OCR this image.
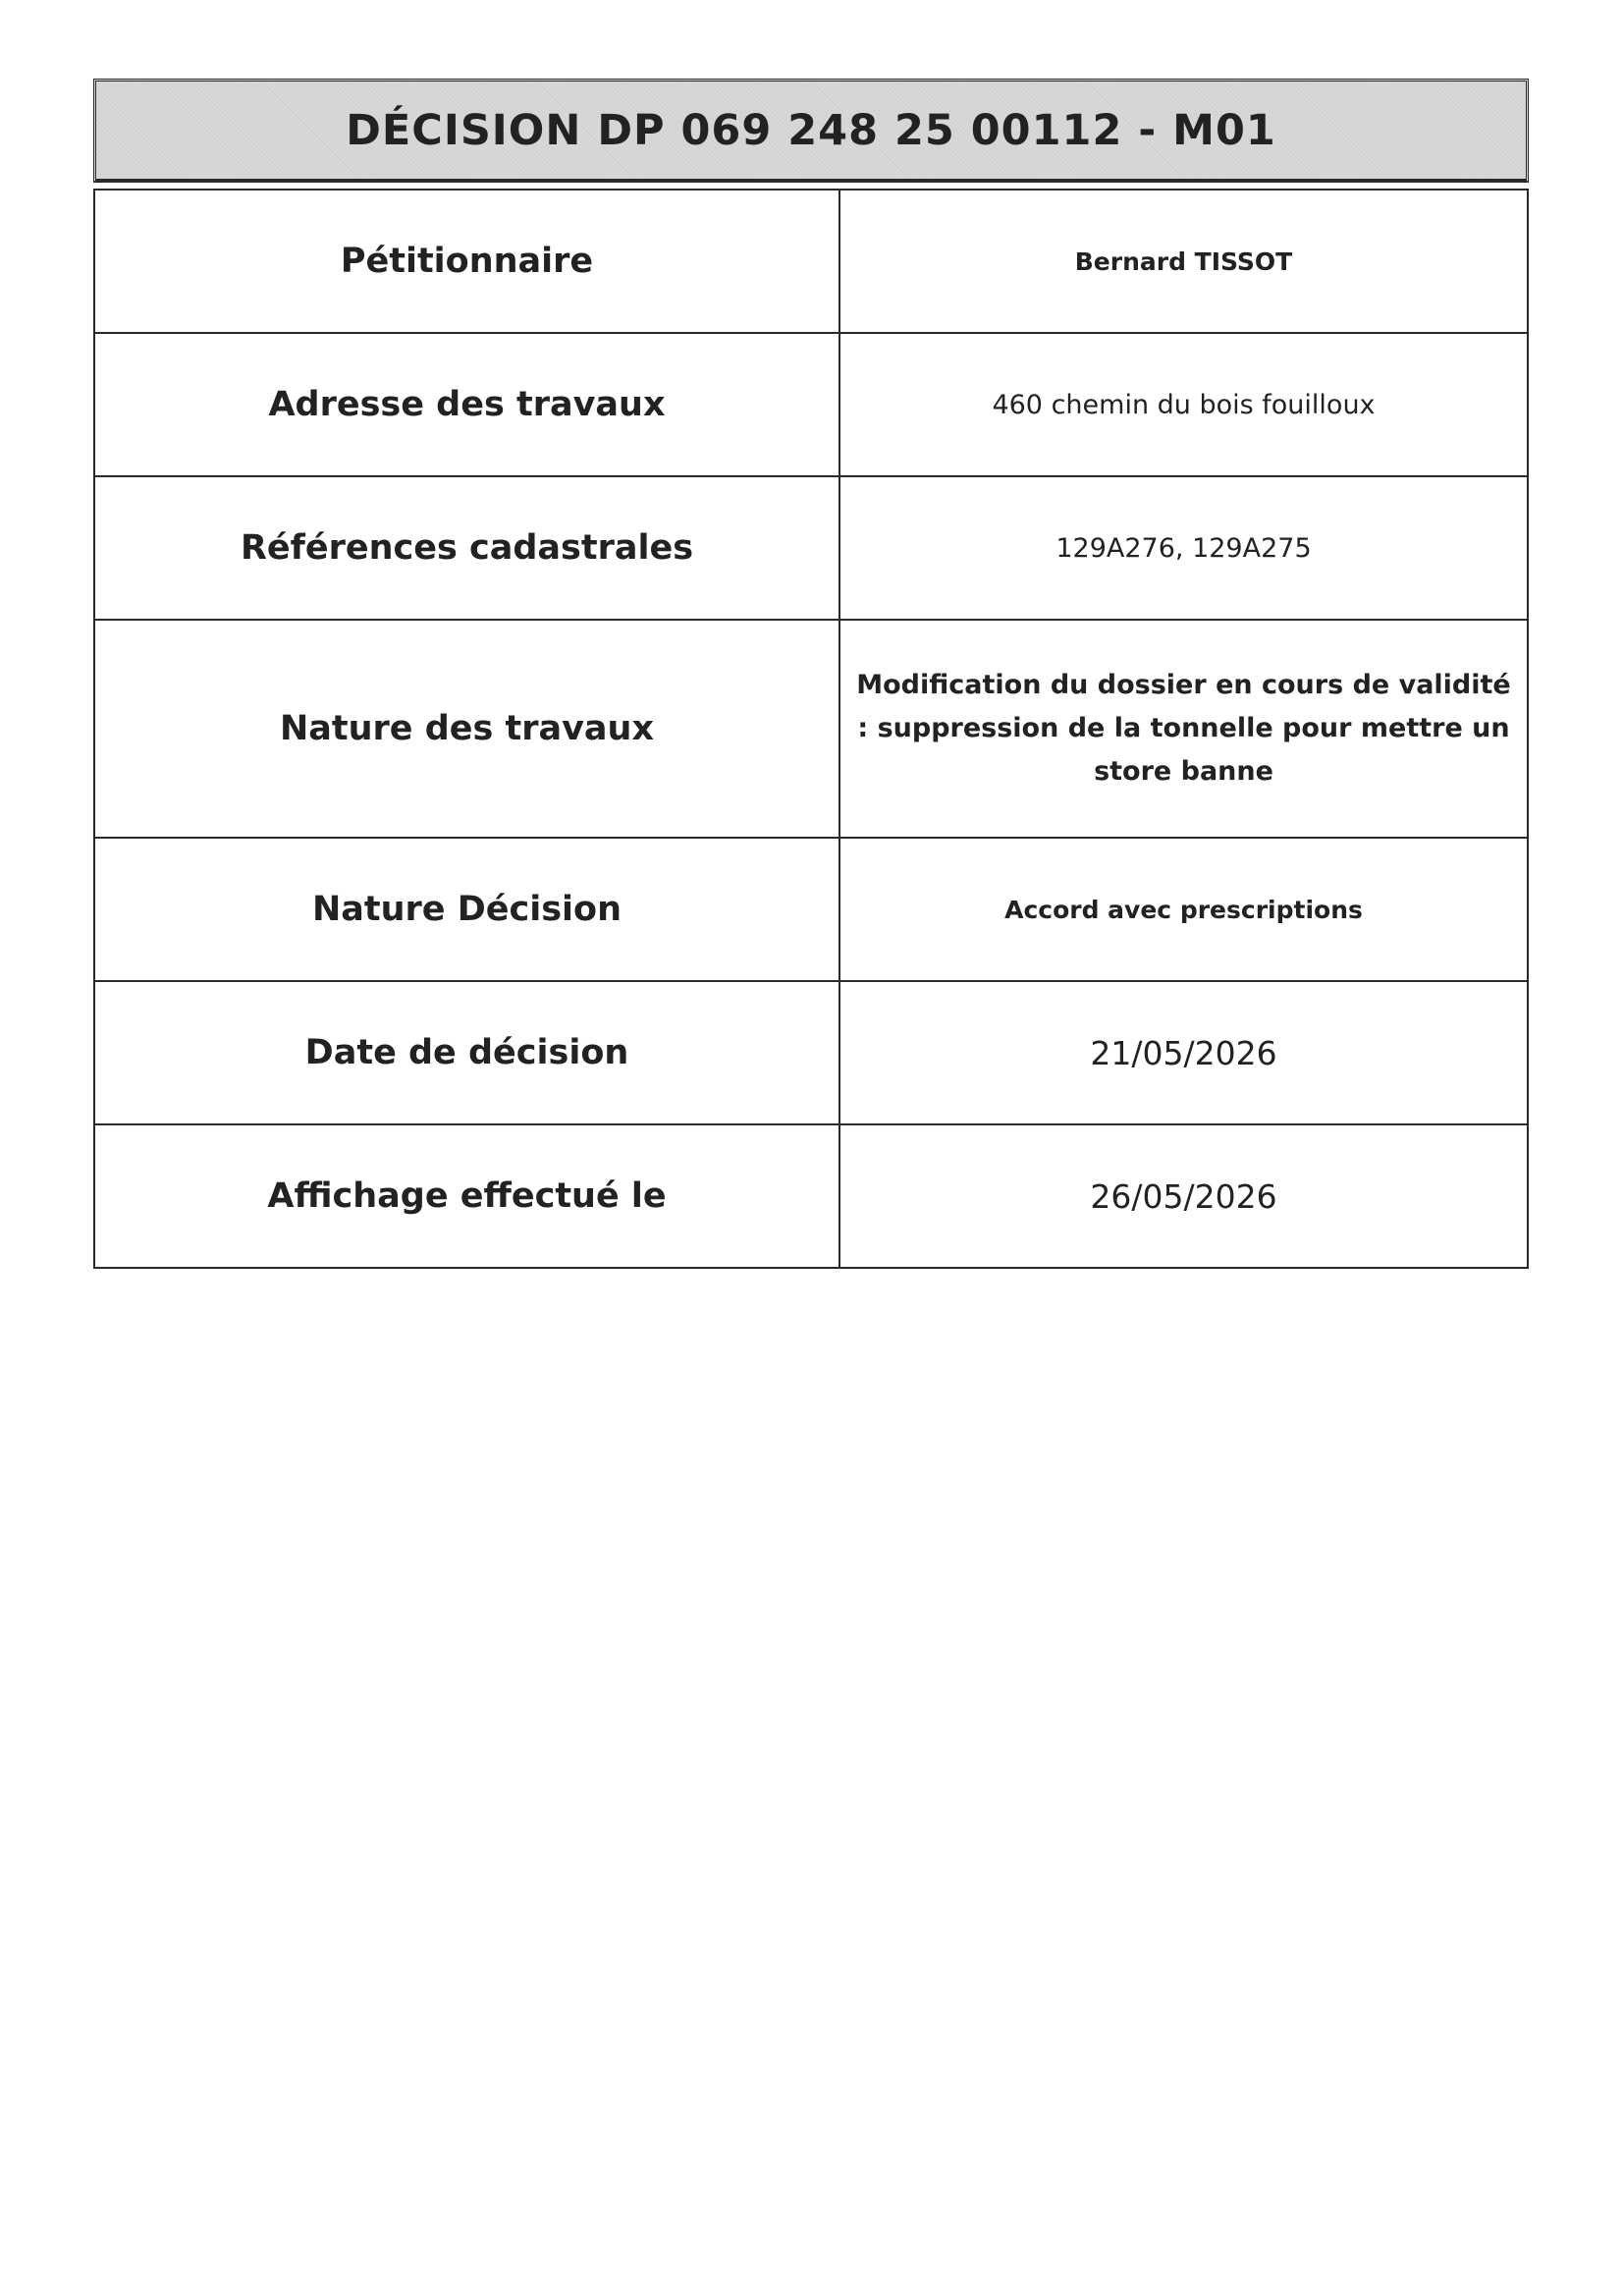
DÉCISION DP 069 248 25 00112 - M01
Pétitionnaire	Bernard TISSOT
Adresse des travaux	460 chemin du bois fouilloux
Références cadastrales	129A276, 129A275
Nature des travaux	Modification du dossier en cours de validité : suppression de la tonnelle pour mettre un store banne
Nature Décision	Accord avec prescriptions
Date de décision	21/05/2026
Affichage effectué le	26/05/2026
